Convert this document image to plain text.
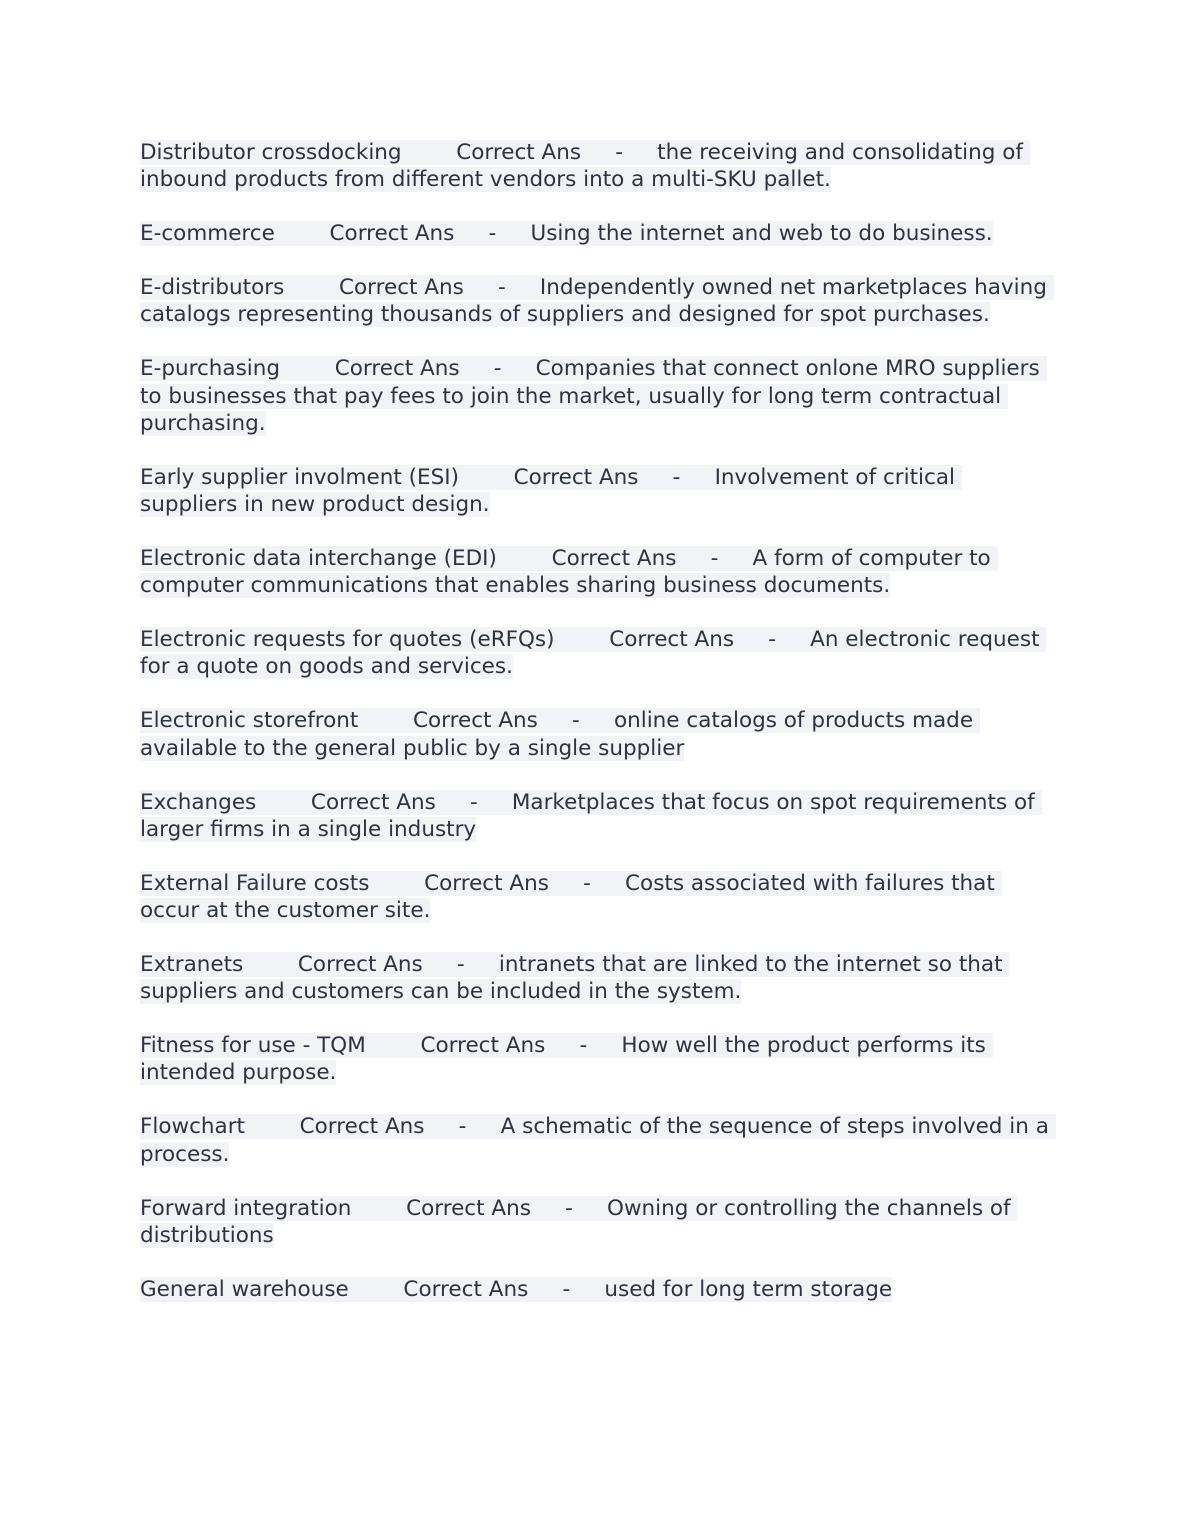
Distributor crossdocking        Correct Ans     -     the receiving and consolidating of inbound products from different vendors into a multi-SKU pallet.

E-commerce        Correct Ans     -     Using the internet and web to do business.

E-distributors        Correct Ans     -     Independently owned net marketplaces having catalogs representing thousands of suppliers and designed for spot purchases.

E-purchasing        Correct Ans     -     Companies that connect onlone MRO suppliers to businesses that pay fees to join the market, usually for long term contractual purchasing.

Early supplier involment (ESI)        Correct Ans     -     Involvement of critical suppliers in new product design.

Electronic data interchange (EDI)        Correct Ans     -     A form of computer to computer communications that enables sharing business documents.

Electronic requests for quotes (eRFQs)        Correct Ans     -     An electronic request for a quote on goods and services.

Electronic storefront        Correct Ans     -     online catalogs of products made available to the general public by a single supplier

Exchanges        Correct Ans     -     Marketplaces that focus on spot requirements of larger firms in a single industry

External Failure costs        Correct Ans     -     Costs associated with failures that occur at the customer site.

Extranets        Correct Ans     -     intranets that are linked to the internet so that suppliers and customers can be included in the system.

Fitness for use - TQM        Correct Ans     -     How well the product performs its intended purpose.

Flowchart        Correct Ans     -     A schematic of the sequence of steps involved in a process.

Forward integration        Correct Ans     -     Owning or controlling the channels of distributions

General warehouse        Correct Ans     -     used for long term storage
